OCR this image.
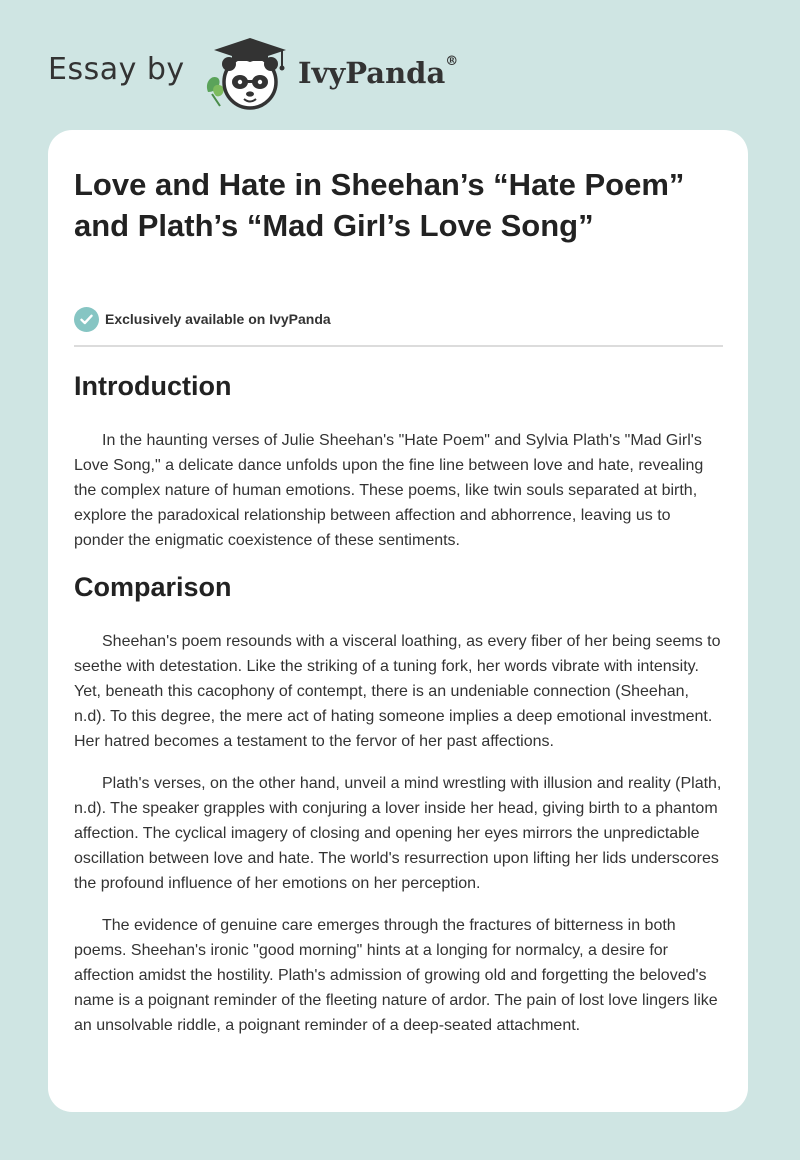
Essay by	IvyPanda®
Love and Hate in Sheehan’s “Hate Poem” and Plath’s “Mad Girl’s Love Song”
Exclusively available on IvyPanda
Introduction

In the haunting verses of Julie Sheehan's "Hate Poem" and Sylvia Plath's "Mad Girl's Love Song," a delicate dance unfolds upon the fine line between love and hate, revealing the complex nature of human emotions. These poems, like twin souls separated at birth, explore the paradoxical relationship between affection and abhorrence, leaving us to ponder the enigmatic coexistence of these sentiments.

Comparison

Sheehan's poem resounds with a visceral loathing, as every fiber of her being seems to seethe with detestation. Like the striking of a tuning fork, her words vibrate with intensity. Yet, beneath this cacophony of contempt, there is an undeniable connection (Sheehan, n.d). To this degree, the mere act of hating someone implies a deep emotional investment. Her hatred becomes a testament to the fervor of her past affections.

Plath's verses, on the other hand, unveil a mind wrestling with illusion and reality (Plath, n.d). The speaker grapples with conjuring a lover inside her head, giving birth to a phantom affection. The cyclical imagery of closing and opening her eyes mirrors the unpredictable oscillation between love and hate. The world's resurrection upon lifting her lids underscores the profound influence of her emotions on her perception.

The evidence of genuine care emerges through the fractures of bitterness in both poems. Sheehan's ironic "good morning" hints at a longing for normalcy, a desire for affection amidst the hostility. Plath's admission of growing old and forgetting the beloved's name is a poignant reminder of the fleeting nature of ardor. The pain of lost love lingers like an unsolvable riddle, a poignant reminder of a deep-seated attachment.
